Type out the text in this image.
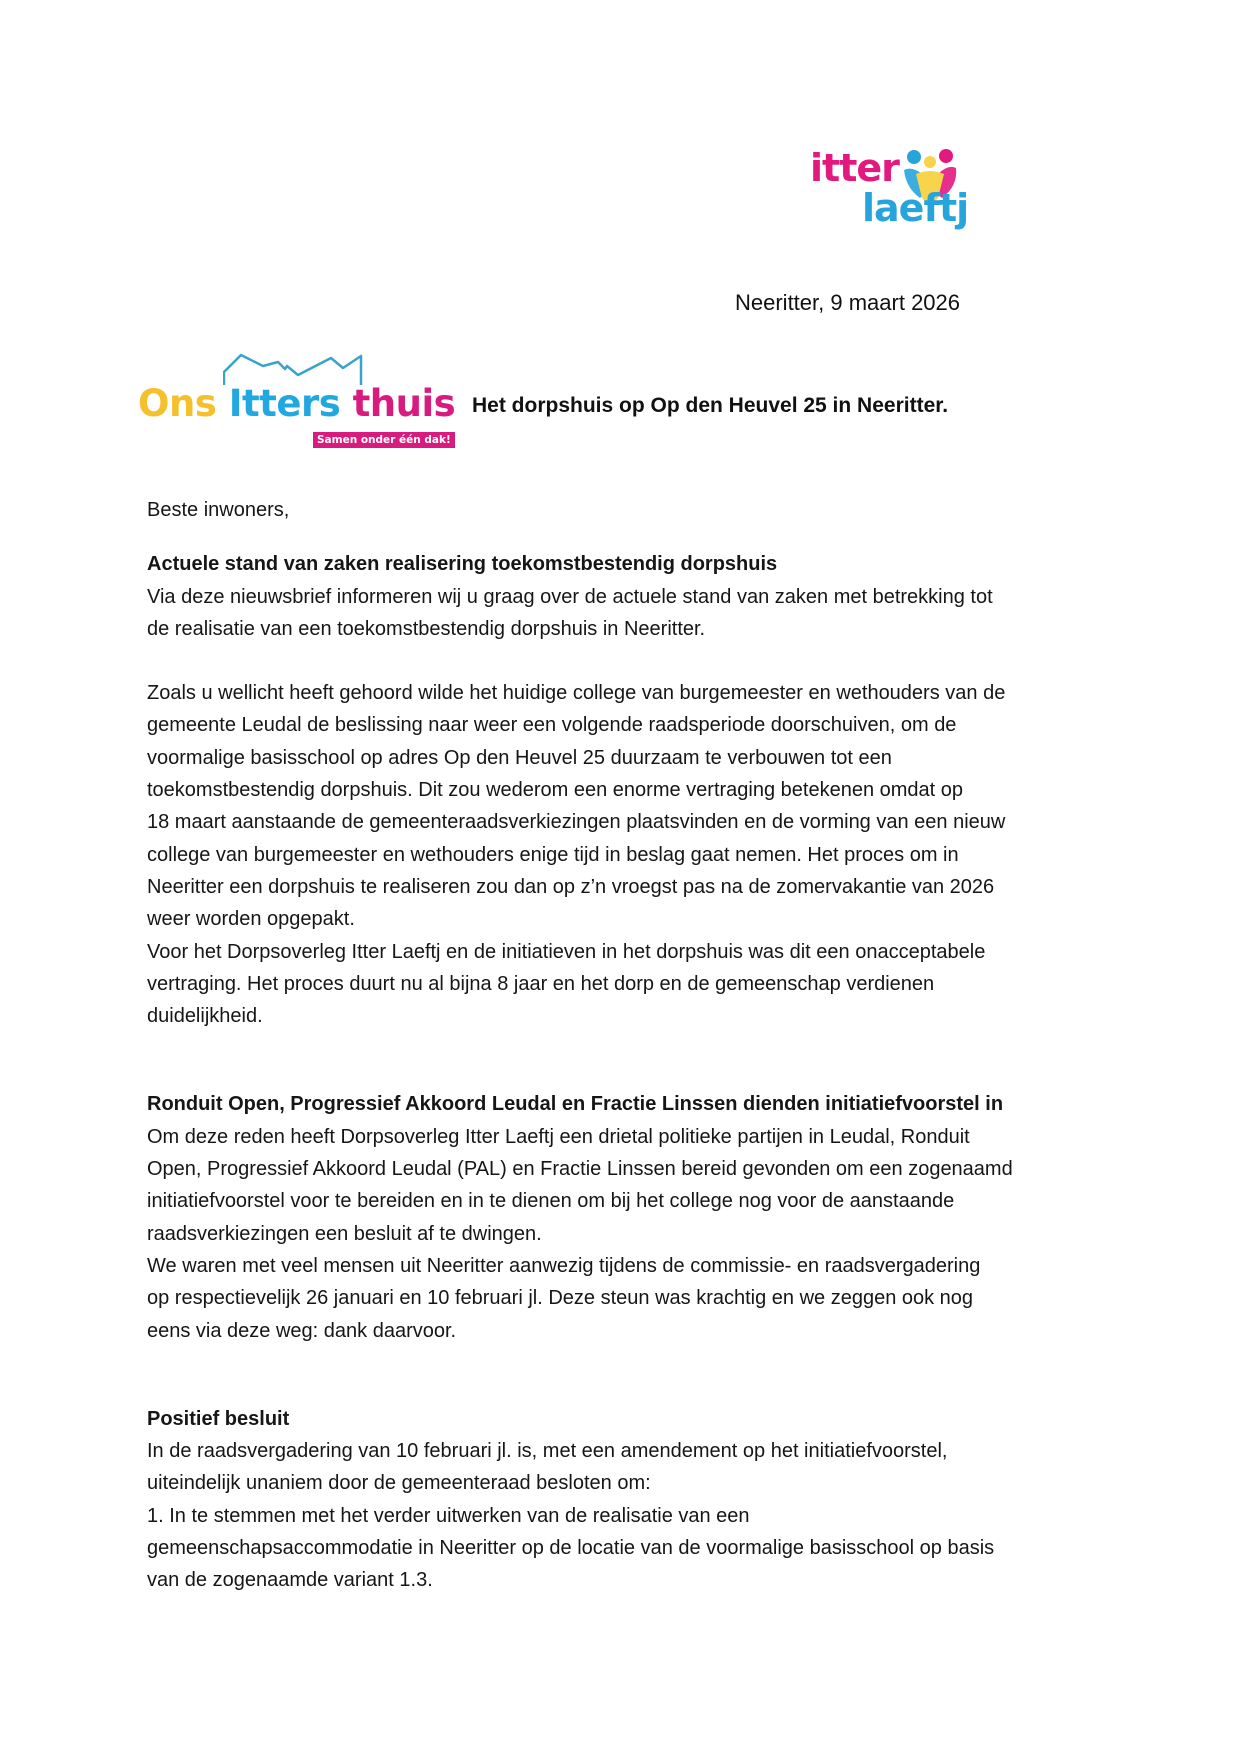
itter
laeftj
Neeritter, 9 maart 2026
Ons Itters thuis
Samen onder één dak!
Het dorpshuis op Op den Heuvel 25 in Neeritter.

Beste inwoners,

Actuele stand van zaken realisering toekomstbestendig dorpshuis

Via deze nieuwsbrief informeren wij u graag over de actuele stand van zaken met betrekking tot

de realisatie van een toekomstbestendig dorpshuis in Neeritter.

Zoals u wellicht heeft gehoord wilde het huidige college van burgemeester en wethouders van de

gemeente Leudal de beslissing naar weer een volgende raadsperiode doorschuiven, om de

voormalige basisschool op adres Op den Heuvel 25 duurzaam te verbouwen tot een

toekomstbestendig dorpshuis. Dit zou wederom een enorme vertraging betekenen omdat op

18 maart aanstaande de gemeenteraadsverkiezingen plaatsvinden en de vorming van een nieuw

college van burgemeester en wethouders enige tijd in beslag gaat nemen. Het proces om in

Neeritter een dorpshuis te realiseren zou dan op z’n vroegst pas na de zomervakantie van 2026

weer worden opgepakt.

Voor het Dorpsoverleg Itter Laeftj en de initiatieven in het dorpshuis was dit een onacceptabele

vertraging. Het proces duurt nu al bijna 8 jaar en het dorp en de gemeenschap verdienen

duidelijkheid.

Ronduit Open, Progressief Akkoord Leudal en Fractie Linssen dienden initiatiefvoorstel in

Om deze reden heeft Dorpsoverleg Itter Laeftj een drietal politieke partijen in Leudal, Ronduit

Open, Progressief Akkoord Leudal (PAL) en Fractie Linssen bereid gevonden om een zogenaamd

initiatiefvoorstel voor te bereiden en in te dienen om bij het college nog voor de aanstaande

raadsverkiezingen een besluit af te dwingen.

We waren met veel mensen uit Neeritter aanwezig tijdens de commissie- en raadsvergadering

op respectievelijk 26 januari en 10 februari jl. Deze steun was krachtig en we zeggen ook nog

eens via deze weg: dank daarvoor.

Positief besluit

In de raadsvergadering van 10 februari jl. is, met een amendement op het initiatiefvoorstel,

uiteindelijk unaniem door de gemeenteraad besloten om:

1. In te stemmen met het verder uitwerken van de realisatie van een

gemeenschapsaccommodatie in Neeritter op de locatie van de voormalige basisschool op basis

van de zogenaamde variant 1.3.
